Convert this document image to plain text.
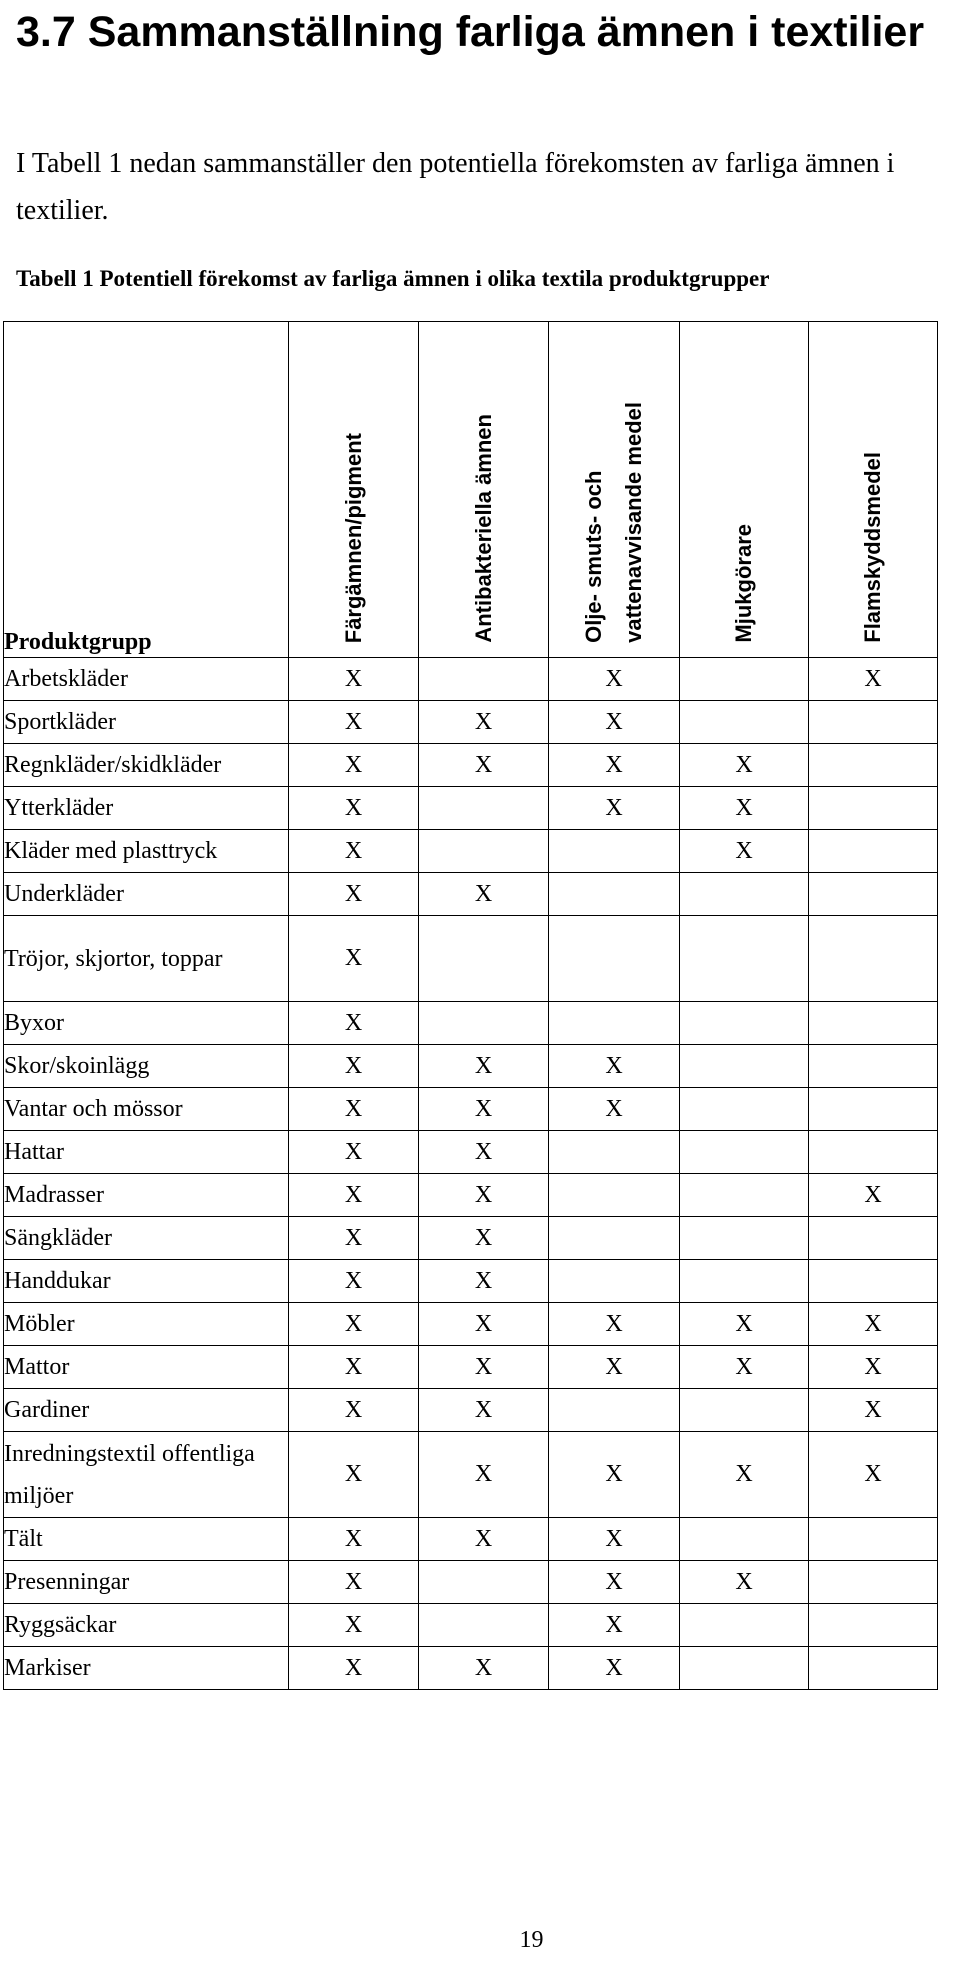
3.7 Sammanställning farliga ämnen i textilier

I Tabell 1 nedan sammanställer den potentiella förekomsten av farliga ämnen i textilier.

Tabell 1 Potentiell förekomst av farliga ämnen i olika textila produktgrupper

Produktgrupp	Färgämnen/pigment	Antibakteriella ämnen	Olje- smuts- och
vattenavvisande medel	Mjukgörare	Flamskyddsmedel

Arbetskläder	X		X		X
Sportkläder	X	X	X		
Regnkläder/skidkläder	X	X	X	X	
Ytterkläder	X		X	X	
Kläder med plasttryck	X			X	
Underkläder	X	X			
Tröjor, skjortor, toppar	X				
Byxor	X				
Skor/skoinlägg	X	X	X		
Vantar och mössor	X	X	X		
Hattar	X	X			
Madrasser	X	X			X
Sängkläder	X	X			
Handdukar	X	X			
Möbler	X	X	X	X	X
Mattor	X	X	X	X	X
Gardiner	X	X			X
Inredningstextil offentliga miljöer	X	X	X	X	X
Tält	X	X	X		
Presenningar	X		X	X	
Ryggsäckar	X		X		
Markiser	X	X	X		

19
